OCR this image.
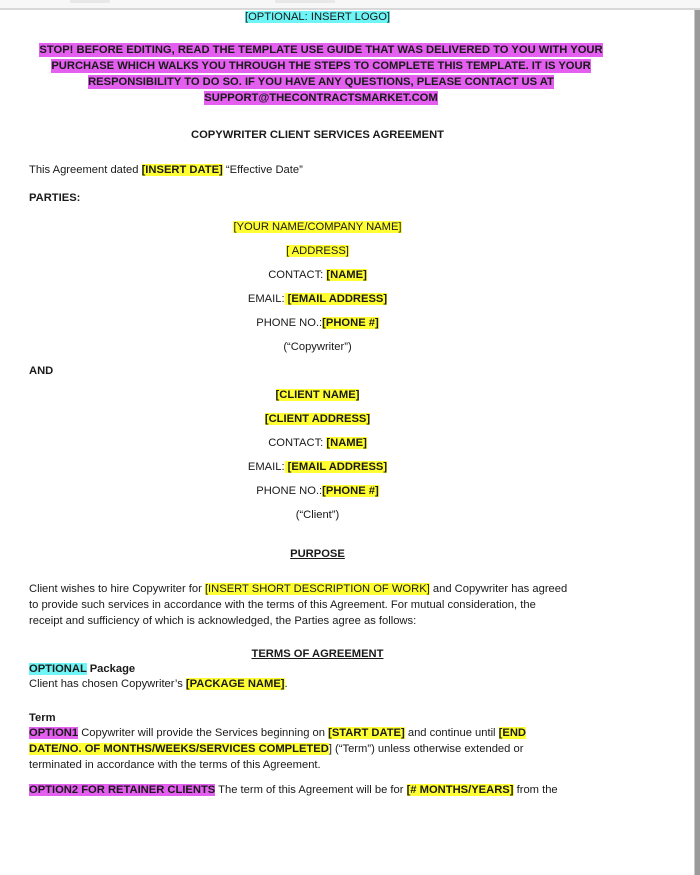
[OPTIONAL: INSERT LOGO]
STOP! BEFORE EDITING, READ THE TEMPLATE USE GUIDE THAT WAS DELIVERED TO YOU WITH YOUR
PURCHASE WHICH WALKS YOU THROUGH THE STEPS TO COMPLETE THIS TEMPLATE. IT IS YOUR
RESPONSIBILITY TO DO SO. IF YOU HAVE ANY QUESTIONS, PLEASE CONTACT US AT
SUPPORT@THECONTRACTSMARKET.COM
COPYWRITER CLIENT SERVICES AGREEMENT
This Agreement dated [INSERT DATE] “Effective Date”
PARTIES:
[YOUR NAME/COMPANY NAME]
[ ADDRESS]
CONTACT: [NAME]
EMAIL: [EMAIL ADDRESS]
PHONE NO.:[PHONE #]
(“Copywriter”)
AND
[CLIENT NAME]
[CLIENT ADDRESS]
CONTACT: [NAME]
EMAIL: [EMAIL ADDRESS]
PHONE NO.:[PHONE #]
(“Client”)
PURPOSE
Client wishes to hire Copywriter for [INSERT SHORT DESCRIPTION OF WORK] and Copywriter has agreed
to provide such services in accordance with the terms of this Agreement. For mutual consideration, the
receipt and sufficiency of which is acknowledged, the Parties agree as follows:
TERMS OF AGREEMENT
OPTIONAL Package
Client has chosen Copywriter’s [PACKAGE NAME].
Term
OPTION1 Copywriter will provide the Services beginning on [START DATE] and continue until [END
DATE/NO. OF MONTHS/WEEKS/SERVICES COMPLETED] (“Term”) unless otherwise extended or
terminated in accordance with the terms of this Agreement.
OPTION2 FOR RETAINER CLIENTS The term of this Agreement will be for [# MONTHS/YEARS] from the
